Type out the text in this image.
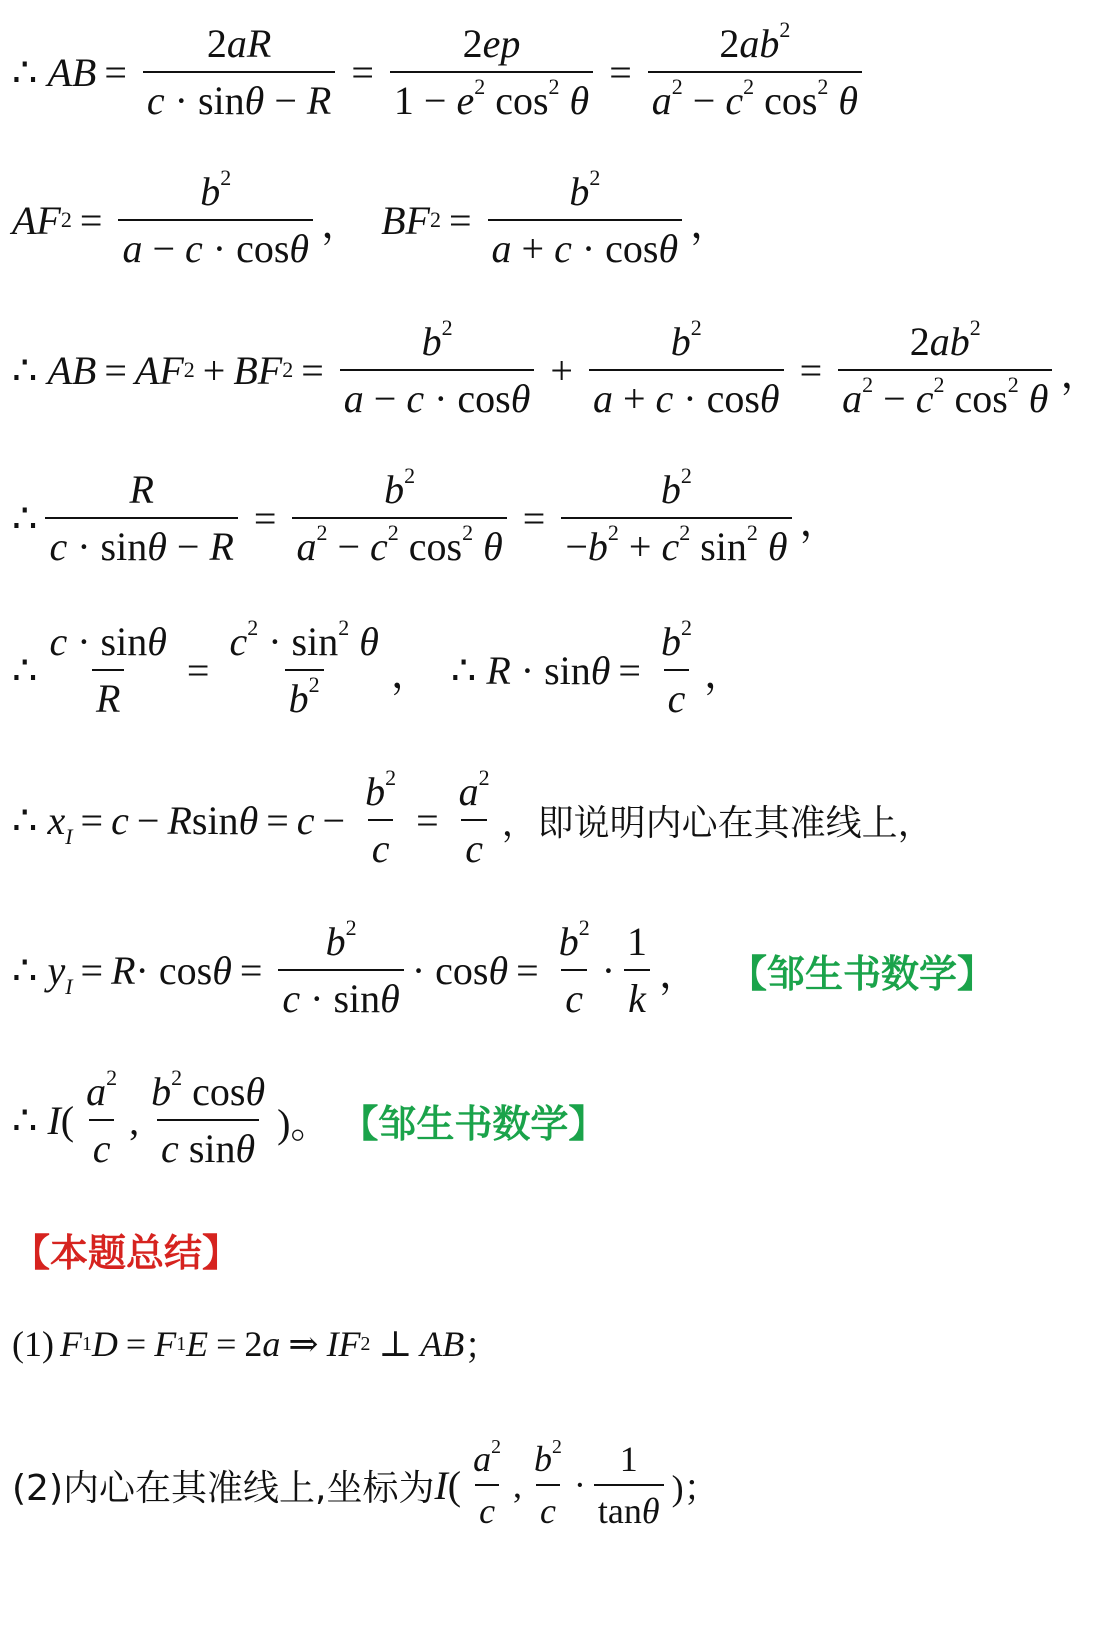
∴ AB = $\frac{2aR}{c \cdot \sin\theta - R} = \frac{2ep}{1 - e^2 \cos^2 \theta} = \frac{2ab^2}{a^2 - c^2 \cos^2 \theta}$
AF $2 = \frac{b^2}{a - c \cdot \cos\theta}$ ， BF $2 = \frac{b^2}{a + c \cdot \cos\theta}$ ，
∴ AB = AF 2 + BF $2 = \frac{b^2}{a - c \cdot \cos\theta} + \frac{b^2}{a + c \cdot \cos\theta} = \frac{2ab^2}{a^2 - c^2 \cos^2 \theta}$ ，
∴ $\frac{R}{c \cdot \sin\theta - R} = \frac{b^2}{a^2 - c^2 \cos^2 \theta} = \frac{b^2}{-b^2 + c^2 \sin^2 \theta}$ ，
∴ $\frac{c \cdot \sin\theta}{R} = \frac{c^2 \cdot \sin^2 \theta}{b^2}$ ， ∴ $R \cdot \sin\theta = \frac{b^2}{c}$ ，
∴ $x_I = c - R$ $\sin \theta = c - \frac{b^2}{c} = \frac{a^2}{c}$ ，即说明内心在其准线上，
∴ $y_I = R \cdot \cos \theta = \frac{b^2}{c \cdot \sin\theta} \cdot \cos\theta = \frac{b^2}{c} \cdot \frac{1}{k}$ ， 【邹生书数学】
∴ $I( \frac{a^2}{c}$ , $\frac{b^2 \cos\theta}{\text{c sinθ}}$ )。 【邹生书数学】
【本题总结】
(1) F 1 D = F 1 E = 2 a ⇒ IF 2 ⊥ AB ；
(2)内心在其准线上,坐标为 I ( $\frac{a^2}{c}$ , $\frac{b^2}{c} \cdot \frac{1}{\tan\theta}$ )；
